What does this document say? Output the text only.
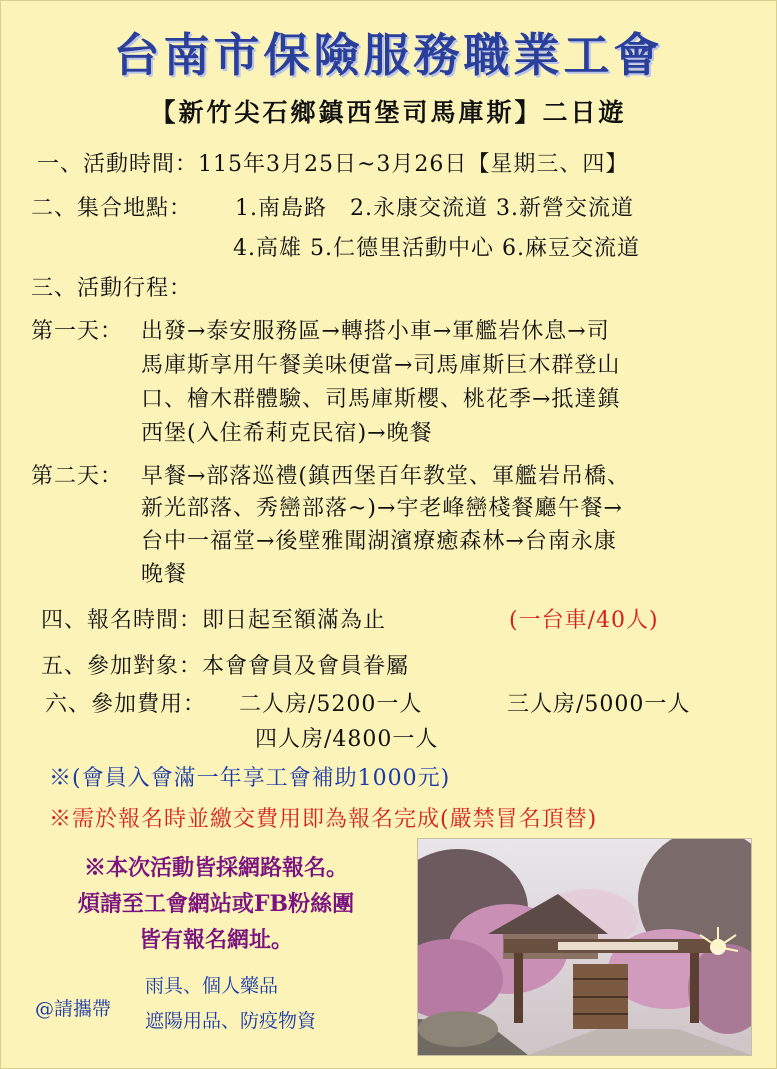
台南市保險服務職業工會
【新竹尖石鄉鎮西堡司馬庫斯】二日遊
一、活動時間：115年3月25日~3月26日【星期三、四】
二、集合地點： 1.南島路　2.永康交流道 3.新營交流道
4.高雄 5.仁德里活動中心 6.麻豆交流道
三、活動行程：
第一天： 出發→泰安服務區→轉搭小車→軍艦岩休息→司
馬庫斯享用午餐美味便當→司馬庫斯巨木群登山
口、檜木群體驗、司馬庫斯櫻、桃花季→抵達鎮
西堡(入住希莉克民宿)→晚餐
第二天： 早餐→部落巡禮(鎮西堡百年教堂、軍艦岩吊橋、
新光部落、秀巒部落~)→宇老峰巒棧餐廳午餐→
台中一福堂→後壁雅聞湖濱療癒森林→台南永康
晚餐
四、報名時間：即日起至額滿為止	(一台車/40人)
五、參加對象：本會會員及會員眷屬
六、參加費用： 二人房/5200一人	三人房/5000一人
四人房/4800一人
※(會員入會滿一年享工會補助1000元)
※需於報名時並繳交費用即為報名完成(嚴禁冒名頂替)
※本次活動皆採網路報名。
煩請至工會網站或FB粉絲團
皆有報名網址。
@請攜帶
雨具、個人藥品
遮陽用品、防疫物資
